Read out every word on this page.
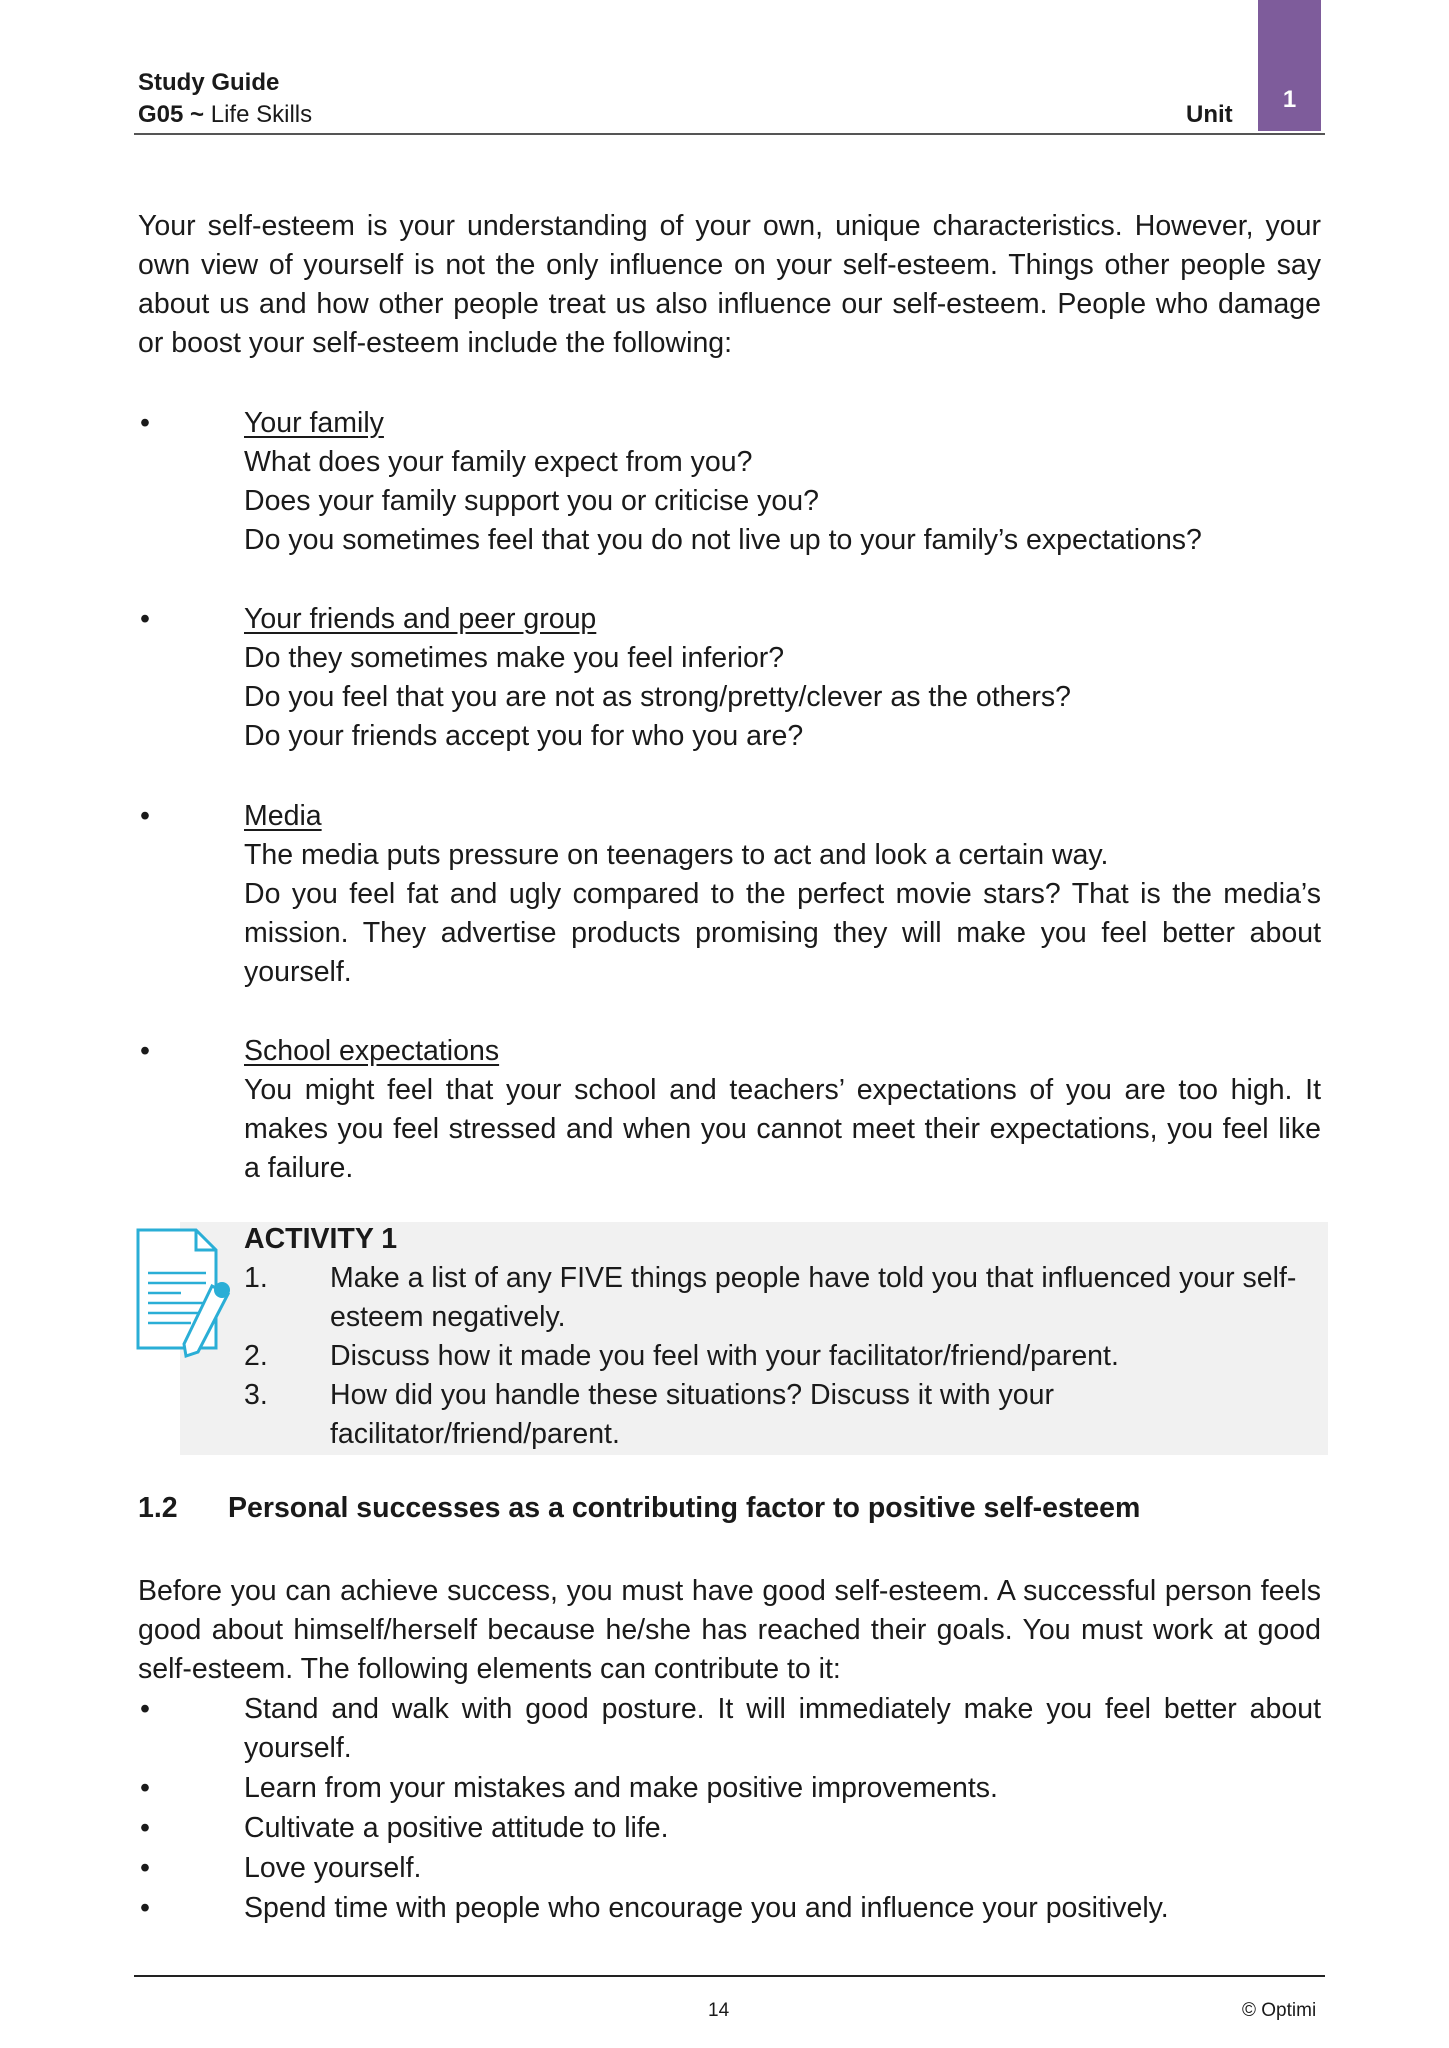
Study Guide
G05 ~ Life Skills	Unit
1
Your self-esteem is your understanding of your own, unique characteristics. However, your own view of yourself is not the only influence on your self-esteem. Things other people say about us and how other people treat us also influence our self-esteem. People who damage or boost your self-esteem include the following:
•	Your family
What does your family expect from you?
Does your family support you or criticise you?
Do you sometimes feel that you do not live up to your family’s expectations?
•	Your friends and peer group
Do they sometimes make you feel inferior?
Do you feel that you are not as strong/pretty/clever as the others?
Do your friends accept you for who you are?
•	Media
The media puts pressure on teenagers to act and look a certain way.

Do you feel fat and ugly compared to the perfect movie stars? That is the media’s mission. They advertise products promising they will make you feel better about yourself.
•	School expectations

You might feel that your school and teachers’ expectations of you are too high. It makes you feel stressed and when you cannot meet their expectations, you feel like a failure.
ACTIVITY 1
1.	Make a list of any FIVE things people have told you that influenced your self-esteem negatively.
2.	Discuss how it made you feel with your facilitator/friend/parent.
3.	How did you handle these situations? Discuss it with your facilitator/friend/parent.
1.2 Personal successes as a contributing factor to positive self-esteem
Before you can achieve success, you must have good self-esteem. A successful person feels good about himself/herself because he/she has reached their goals. You must work at good self-esteem. The following elements can contribute to it:
•	Stand and walk with good posture. It will immediately make you feel better about yourself.
•	Learn from your mistakes and make positive improvements.
•	Cultivate a positive attitude to life.
•	Love yourself.
•	Spend time with people who encourage you and influence your positively.
14	© Optimi
